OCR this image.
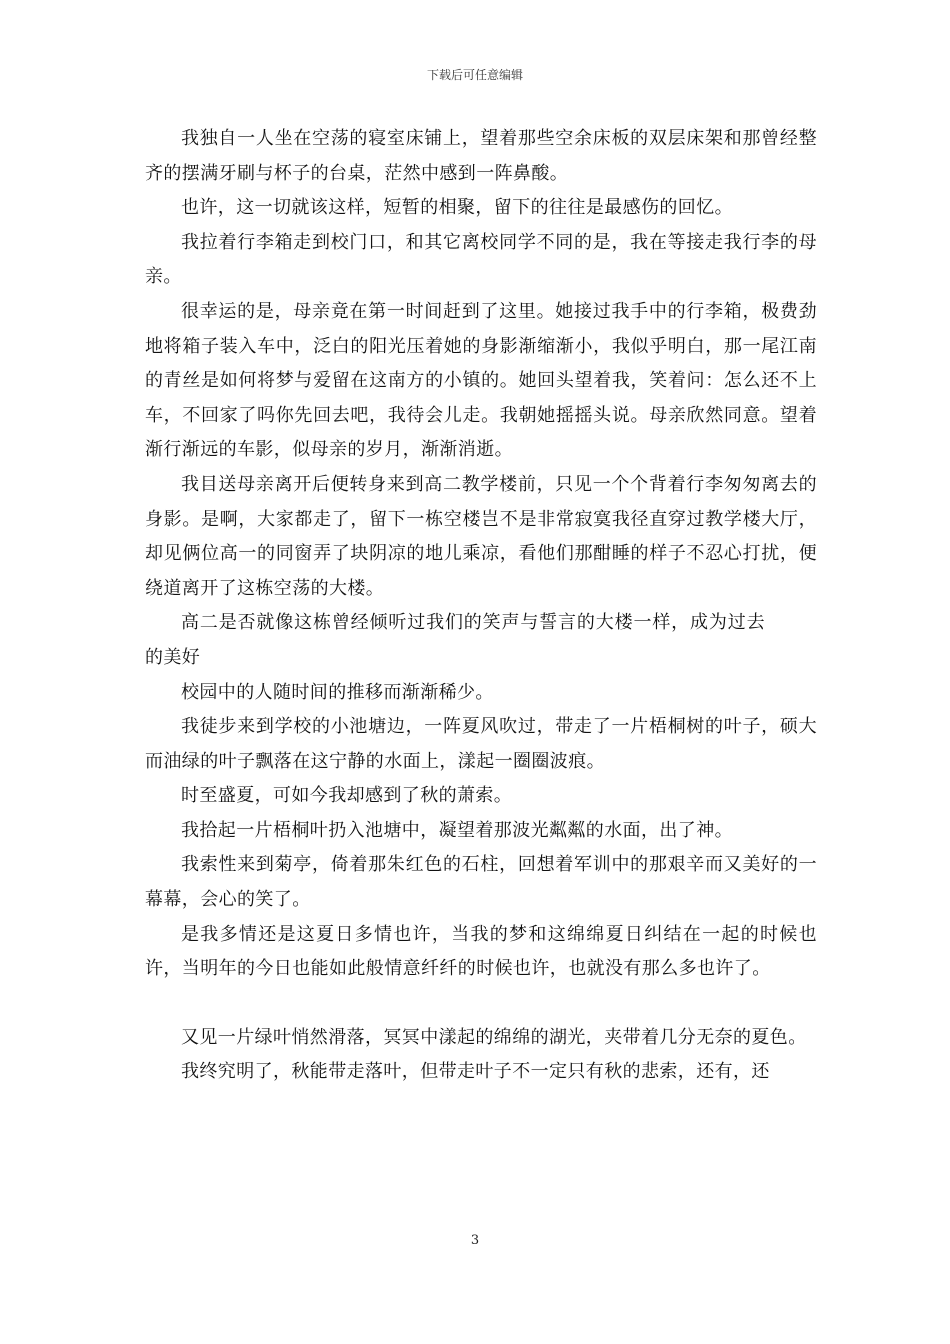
下载后可任意编辑

我独自一人坐在空荡的寝室床铺上，望着那些空余床板的双层床架和那曾经整齐的摆满牙刷与杯子的台桌，茫然中感到一阵鼻酸。

也许，这一切就该这样，短暂的相聚，留下的往往是最感伤的回忆。

我拉着行李箱走到校门口，和其它离校同学不同的是，我在等接走我行李的母亲。

很幸运的是，母亲竟在第一时间赶到了这里。她接过我手中的行李箱，极费劲地将箱子装入车中，泛白的阳光压着她的身影渐缩渐小，我似乎明白，那一尾江南的青丝是如何将梦与爱留在这南方的小镇的。她回头望着我，笑着问：怎么还不上车，不回家了吗你先回去吧，我待会儿走。我朝她摇摇头说。母亲欣然同意。望着渐行渐远的车影，似母亲的岁月，渐渐消逝。

我目送母亲离开后便转身来到高二教学楼前，只见一个个背着行李匆匆离去的身影。是啊，大家都走了，留下一栋空楼岂不是非常寂寞我径直穿过教学楼大厅，却见俩位高一的同窗弄了块阴凉的地儿乘凉，看他们那酣睡的样子不忍心打扰，便绕道离开了这栋空荡的大楼。

高二是否就像这栋曾经倾听过我们的笑声与誓言的大楼一样，成为过去的美好

校园中的人随时间的推移而渐渐稀少。

我徒步来到学校的小池塘边，一阵夏风吹过，带走了一片梧桐树的叶子，硕大而油绿的叶子飘落在这宁静的水面上，漾起一圈圈波痕。

时至盛夏，可如今我却感到了秋的萧索。

我拾起一片梧桐叶扔入池塘中，凝望着那波光粼粼的水面，出了神。

我索性来到菊亭，倚着那朱红色的石柱，回想着军训中的那艰辛而又美好的一幕幕，会心的笑了。

是我多情还是这夏日多情也许，当我的梦和这绵绵夏日纠结在一起的时候也许，当明年的今日也能如此般情意纤纤的时候也许，也就没有那么多也许了。

又见一片绿叶悄然滑落，冥冥中漾起的绵绵的湖光，夹带着几分无奈的夏色。

我终究明了，秋能带走落叶，但带走叶子不一定只有秋的悲索，还有，还

3
